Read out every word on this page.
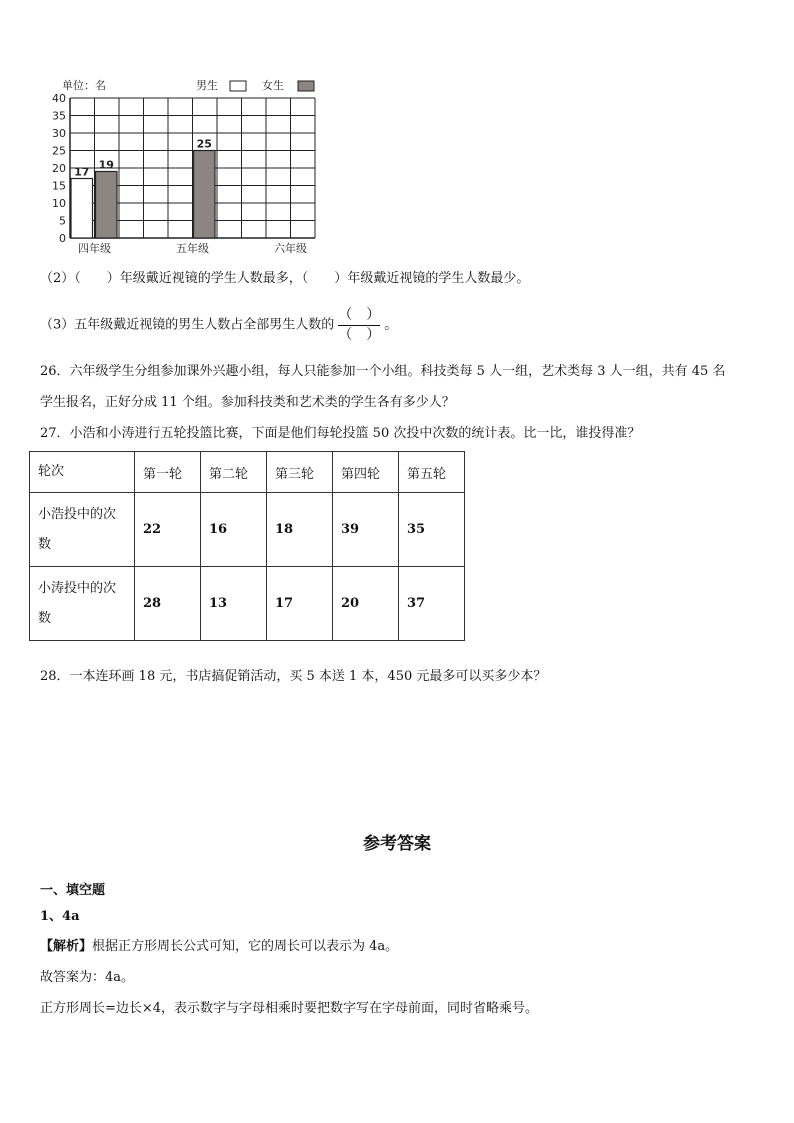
单位：名	男生	女生
0
5
10
15
20
25
30
35
40
17
19
25
四年级	五年级	六年级
（2）（ ）年级戴近视镜的学生人数最多，（ ）年级戴近视镜的学生人数最少。
（3）五年级戴近视镜的男生人数占全部男生人数的 $\frac{( )}{( )}$ 。
26．六年级学生分组参加课外兴趣小组，每人只能参加一个小组。科技类每 5 人一组，艺术类每 3 人一组，共有 45 名
学生报名，正好分成 11 个组。参加科技类和艺术类的学生各有多少人？
27．小浩和小涛进行五轮投篮比赛，下面是他们每轮投篮 50 次投中次数的统计表。比一比，谁投得准？
轮次	第一轮	第二轮	第三轮	第四轮	第五轮
小浩投中的次数	22	16	18	39	35
小涛投中的次数	28	13	17	20	37
28．一本连环画 18 元，书店搞促销活动，买 5 本送 1 本，450 元最多可以买多少本？
参考答案
一、填空题
1、4a
【解析】根据正方形周长公式可知，它的周长可以表示为 4a。
故答案为：4a。
正方形周长=边长×4，表示数字与字母相乘时要把数字写在字母前面，同时省略乘号。
